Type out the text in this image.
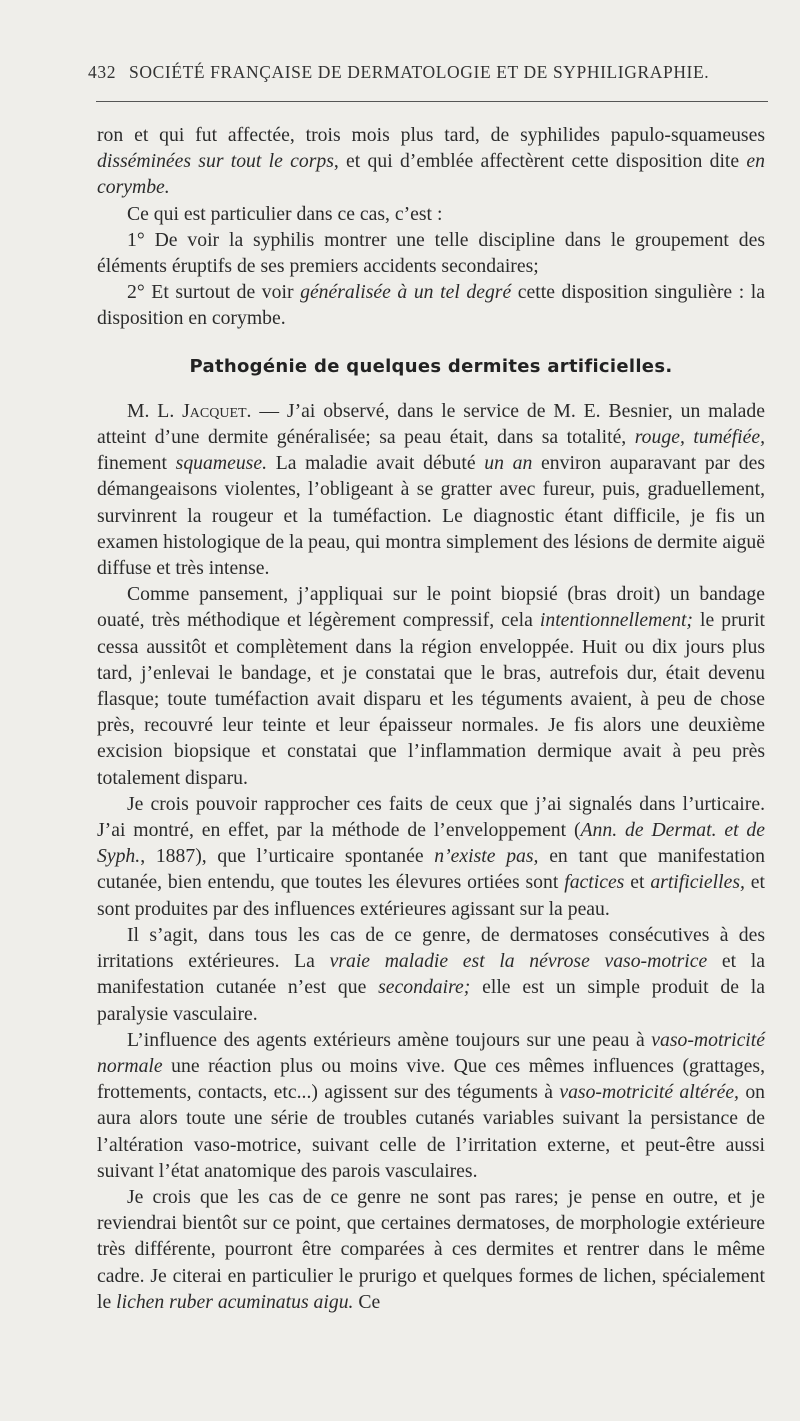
432 SOCIÉTÉ FRANÇAISE DE DERMATOLOGIE ET DE SYPHILIGRAPHIE.

ron et qui fut affectée, trois mois plus tard, de syphilides papulo-squameuses disséminées sur tout le corps, et qui d’emblée affectèrent cette disposition dite en corymbe.

Ce qui est particulier dans ce cas, c’est :

1° De voir la syphilis montrer une telle discipline dans le groupement des éléments éruptifs de ses premiers accidents secondaires;

2° Et surtout de voir généralisée à un tel degré cette disposition singulière : la disposition en corymbe.

Pathogénie de quelques dermites artificielles.

M. L. Jacquet. — J’ai observé, dans le service de M. E. Besnier, un malade atteint d’une dermite généralisée; sa peau était, dans sa totalité, rouge, tuméfiée, finement squameuse. La maladie avait débuté un an environ auparavant par des démangeaisons violentes, l’obligeant à se gratter avec fureur, puis, graduellement, survinrent la rougeur et la tuméfaction. Le diagnostic étant difficile, je fis un examen histologique de la peau, qui montra simplement des lésions de dermite aiguë diffuse et très intense.

Comme pansement, j’appliquai sur le point biopsié (bras droit) un bandage ouaté, très méthodique et légèrement compressif, cela intentionnellement; le prurit cessa aussitôt et complètement dans la région enveloppée. Huit ou dix jours plus tard, j’enlevai le bandage, et je constatai que le bras, autrefois dur, était devenu flasque; toute tuméfaction avait disparu et les téguments avaient, à peu de chose près, recouvré leur teinte et leur épaisseur normales. Je fis alors une deuxième excision biopsique et constatai que l’inflammation dermique avait à peu près totalement disparu.

Je crois pouvoir rapprocher ces faits de ceux que j’ai signalés dans l’urticaire. J’ai montré, en effet, par la méthode de l’enveloppement (Ann. de Dermat. et de Syph., 1887), que l’urticaire spontanée n’existe pas, en tant que manifestation cutanée, bien entendu, que toutes les élevures ortiées sont factices et artificielles, et sont produites par des influences extérieures agissant sur la peau.

Il s’agit, dans tous les cas de ce genre, de dermatoses consécutives à des irritations extérieures. La vraie maladie est la névrose vaso-motrice et la manifestation cutanée n’est que secondaire; elle est un simple produit de la paralysie vasculaire.

L’influence des agents extérieurs amène toujours sur une peau à vaso-motricité normale une réaction plus ou moins vive. Que ces mêmes influences (grattages, frottements, contacts, etc...) agissent sur des téguments à vaso-motricité altérée, on aura alors toute une série de troubles cutanés variables suivant la persistance de l’altération vaso-motrice, suivant celle de l’irritation externe, et peut-être aussi suivant l’état anatomique des parois vasculaires.

Je crois que les cas de ce genre ne sont pas rares; je pense en outre, et je reviendrai bientôt sur ce point, que certaines dermatoses, de morphologie extérieure très différente, pourront être comparées à ces dermites et rentrer dans le même cadre. Je citerai en particulier le prurigo et quelques formes de lichen, spécialement le lichen ruber acuminatus aigu. Ce
